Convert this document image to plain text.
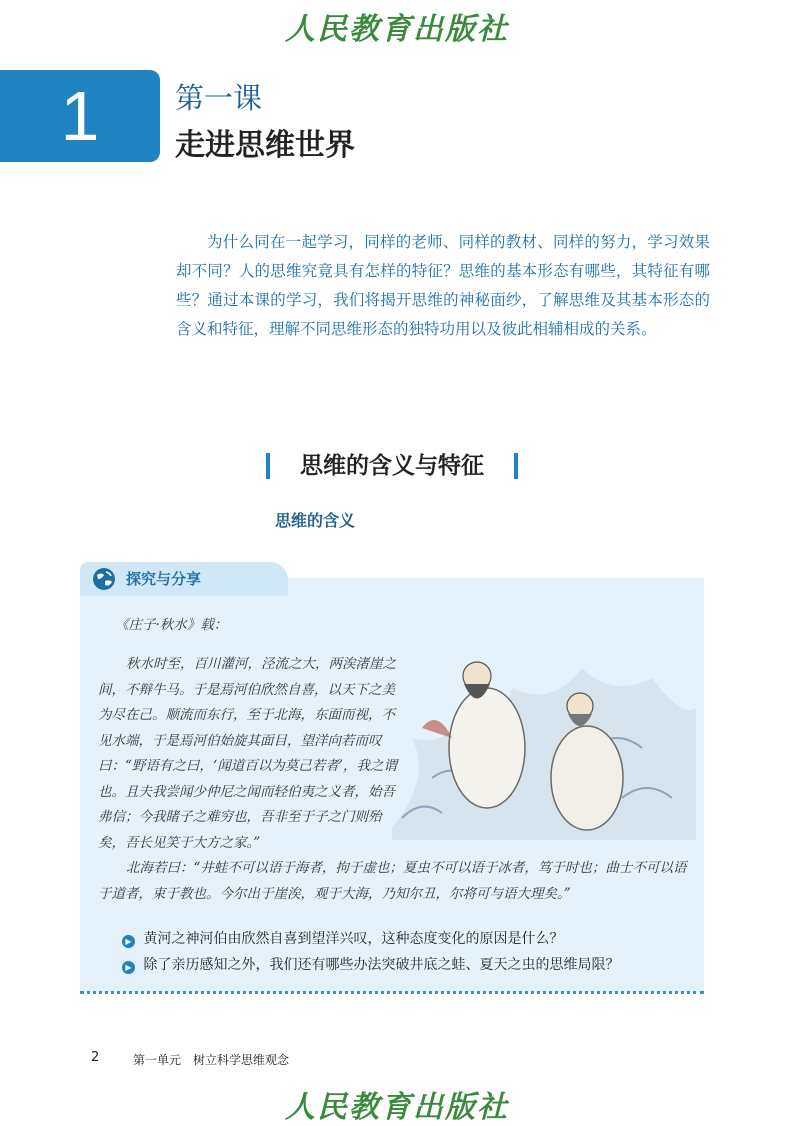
人民教育出版社
1	第一课
走进思维世界

为什么同在一起学习，同样的老师、同样的教材、同样的努力，学习效果却不同？人的思维究竟具有怎样的特征？思维的基本形态有哪些，其特征有哪些？通过本课的学习，我们将揭开思维的神秘面纱，了解思维及其基本形态的含义和特征，理解不同思维形态的独特功用以及彼此相辅相成的关系。

思维的含义与特征
思维的含义
探究与分享
《庄子·秋水》载：

秋水时至，百川灌河，泾流之大，两涘渚崖之间，不辩牛马。于是焉河伯欣然自喜，以天下之美为尽在己。顺流而东行，至于北海，东面而视，不见水端，于是焉河伯始旋其面目，望洋向若而叹曰：“野语有之曰，‘闻道百以为莫己若者’，我之谓也。且夫我尝闻少仲尼之闻而轻伯夷之义者，始吾弗信；今我睹子之难穷也，吾非至于子之门则殆矣，吾长见笑于大方之家。”

北海若曰：“井蛙不可以语于海者，拘于虚也；夏虫不可以语于冰者，笃于时也；曲士不可以语于道者，束于教也。今尔出于崖涘，观于大海，乃知尔丑，尔将可与语大理矣。”

▶ 黄河之神河伯由欣然自喜到望洋兴叹，这种态度变化的原因是什么？
▶ 除了亲历感知之外，我们还有哪些办法突破井底之蛙、夏天之虫的思维局限？
2	第一单元　树立科学思维观念
人民教育出版社
